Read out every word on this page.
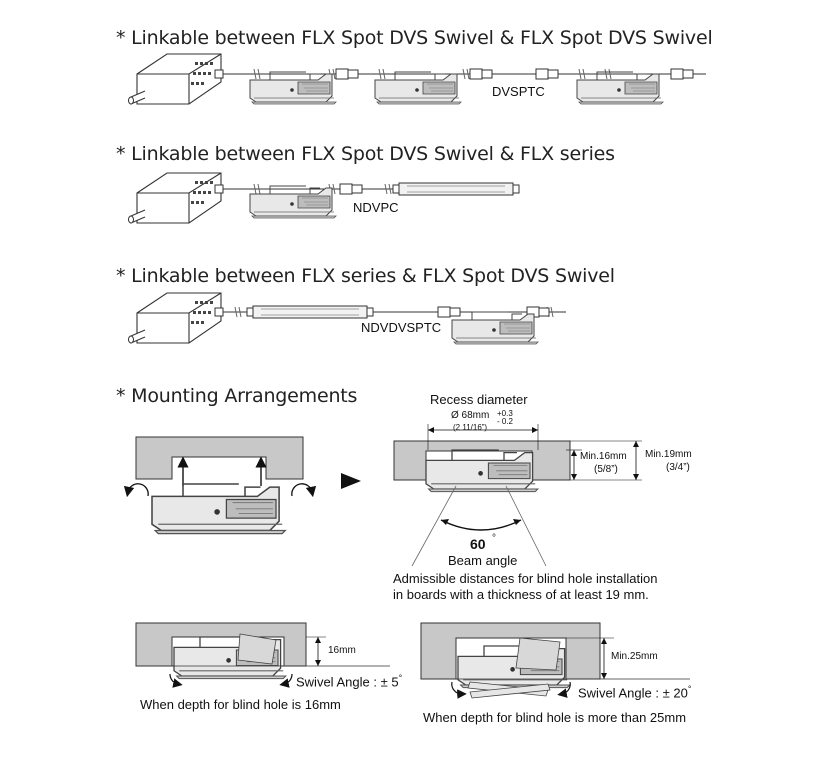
* Linkable between FLX Spot DVS Swivel & FLX Spot DVS Swivel
* Linkable between FLX Spot DVS Swivel & FLX series
* Linkable between FLX series & FLX Spot DVS Swivel
* Mounting Arrangements
DVSPTC
NDVPC
NDVDVSPTC
Recess diameter
Ø 68mm +0.3
- 0.2
(2 11/16”)
Min.16mm
(5/8”)
Min.19mm
(3/4”)
60 °
Beam angle
Admissible distances for blind hole installation
in boards with a thickness of at least 19 mm.
16mm
Swivel Angle : ± 5°
When depth for blind hole is 16mm
Min.25mm
Swivel Angle : ± 20°
When depth for blind hole is more than 25mm
